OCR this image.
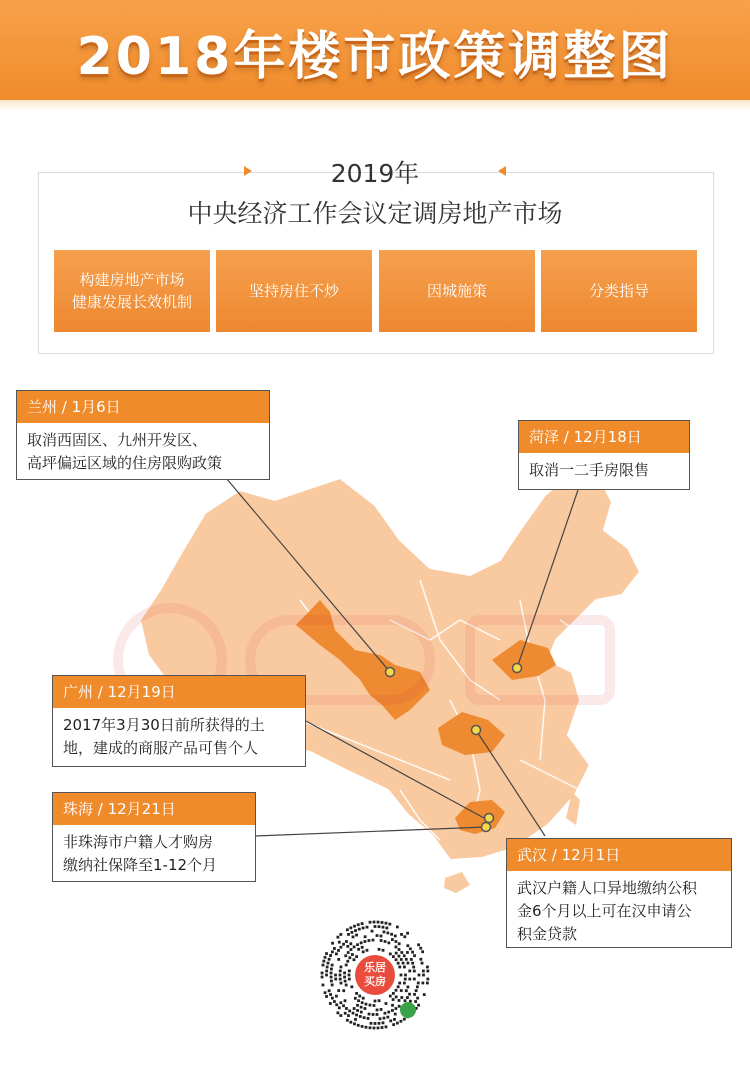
2018年楼市政策调整图
2019年
中央经济工作会议定调房地产市场
构建房地产市场
健康发展长效机制
坚持房住不炒	因城施策	分类指导
兰州 / 1月6日
取消西固区、九州开发区、
高坪偏远区域的住房限购政策
菏泽 / 12月18日
取消一二手房限售
广州 / 12月19日
2017年3月30日前所获得的土
地，建成的商服产品可售个人
珠海 / 12月21日
非珠海市户籍人才购房
缴纳社保降至1-12个月
武汉 / 12月1日
武汉户籍人口异地缴纳公积
金6个月以上可在汉申请公
积金贷款
乐居
买房
